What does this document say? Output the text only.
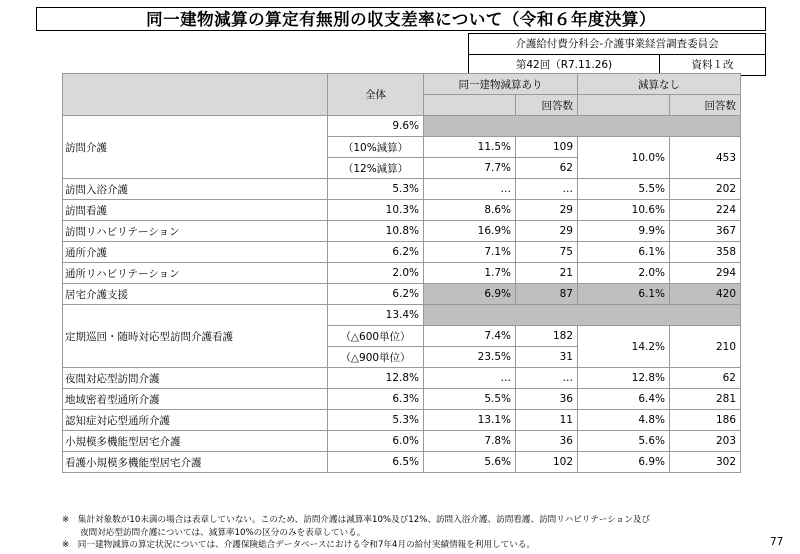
同一建物減算の算定有無別の収支差率について（令和６年度決算）
介護給付費分科会-介護事業経営調査委員会
第42回（R7.11.26)	資料１改
	全体	同一建物減算あり		減算なし	
			回答数		回答数
訪問介護	9.6%				
	（10%減算）	11.5%	109	10.0%	453
	（12%減算）	7.7%	62		
訪問入浴介護	5.3%	…	…	5.5%	202
訪問看護	10.3%	8.6%	29	10.6%	224
訪問リハビリテーション	10.8%	16.9%	29	9.9%	367
通所介護	6.2%	7.1%	75	6.1%	358
通所リハビリテーション	2.0%	1.7%	21	2.0%	294
居宅介護支援	6.2%	6.9%	87	6.1%	420
定期巡回・随時対応型訪問介護看護	13.4%				
	（△600単位）	7.4%	182	14.2%	210
	（△900単位）	23.5%	31		
夜間対応型訪問介護	12.8%	…	…	12.8%	62
地域密着型通所介護	6.3%	5.5%	36	6.4%	281
認知症対応型通所介護	5.3%	13.1%	11	4.8%	186
小規模多機能型居宅介護	6.0%	7.8%	36	5.6%	203
看護小規模多機能型居宅介護	6.5%	5.6%	102	6.9%	302
※　集計対象数が10未満の場合は表章していない。このため、訪問介護は減算率10%及び12%、訪問入浴介護、訪問看護、訪問リハビリテーション及び
夜間対応型訪問介護については、減算率10%の区分のみを表章している。
※　同一建物減算の算定状況については、介護保険総合データベースにおける令和7年4月の給付実績情報を利用している。	77
